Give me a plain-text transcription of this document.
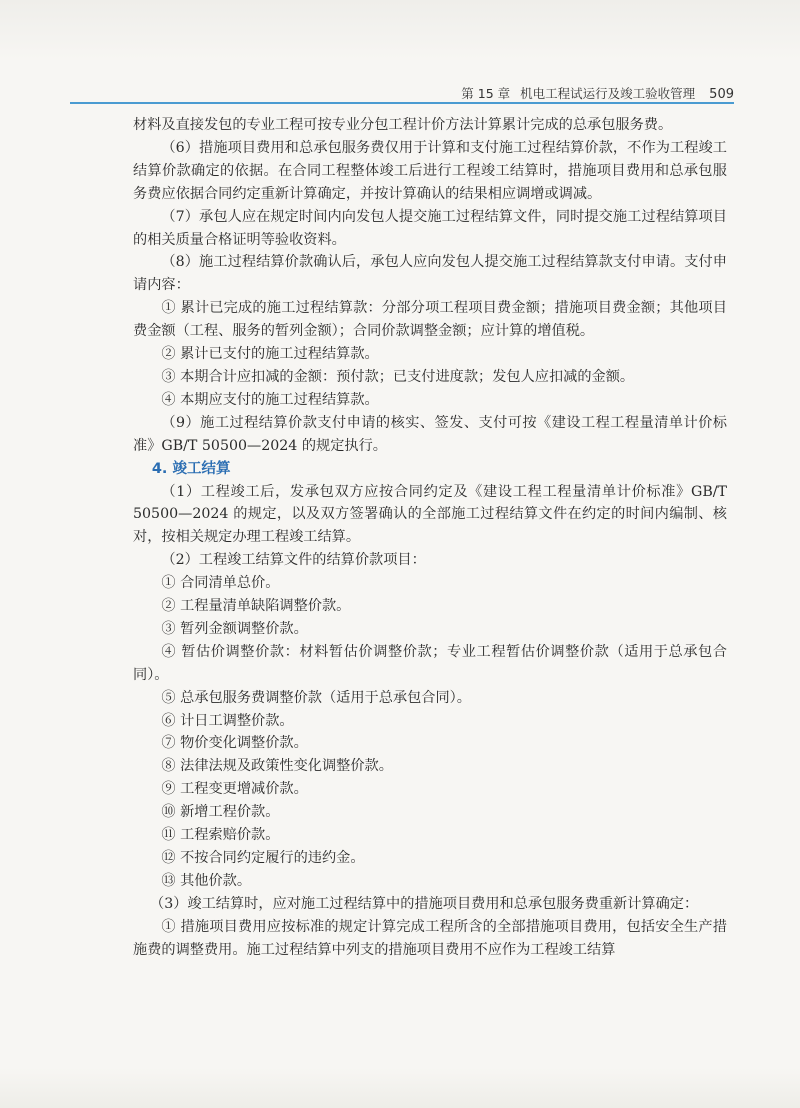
第 15 章 机电工程试运行及竣工验收管理 509

材料及直接发包的专业工程可按专业分包工程计价方法计算累计完成的总承包服务费。

（6）措施项目费用和总承包服务费仅用于计算和支付施工过程结算价款，不作为工程竣工结算价款确定的依据。在合同工程整体竣工后进行工程竣工结算时，措施项目费用和总承包服务费应依据合同约定重新计算确定，并按计算确认的结果相应调增或调减。

（7）承包人应在规定时间内向发包人提交施工过程结算文件，同时提交施工过程结算项目的相关质量合格证明等验收资料。

（8）施工过程结算价款确认后，承包人应向发包人提交施工过程结算款支付申请。支付申请内容：

① 累计已完成的施工过程结算款：分部分项工程项目费金额；措施项目费金额；其他项目费金额（工程、服务的暂列金额）；合同价款调整金额；应计算的增值税。

② 累计已支付的施工过程结算款。

③ 本期合计应扣减的金额：预付款；已支付进度款；发包人应扣减的金额。

④ 本期应支付的施工过程结算款。

（9）施工过程结算价款支付申请的核实、签发、支付可按《建设工程工程量清单计价标准》GB/T 50500—2024 的规定执行。

4. 竣工结算

（1）工程竣工后，发承包双方应按合同约定及《建设工程工程量清单计价标准》GB/T 50500—2024 的规定，以及双方签署确认的全部施工过程结算文件在约定的时间内编制、核对，按相关规定办理工程竣工结算。

（2）工程竣工结算文件的结算价款项目：

① 合同清单总价。

② 工程量清单缺陷调整价款。

③ 暂列金额调整价款。

④ 暂估价调整价款：材料暂估价调整价款；专业工程暂估价调整价款（适用于总承包合同）。

⑤ 总承包服务费调整价款（适用于总承包合同）。

⑥ 计日工调整价款。

⑦ 物价变化调整价款。

⑧ 法律法规及政策性变化调整价款。

⑨ 工程变更增减价款。

⑩ 新增工程价款。

⑪ 工程索赔价款。

⑫ 不按合同约定履行的违约金。

⑬ 其他价款。

（3）竣工结算时，应对施工过程结算中的措施项目费用和总承包服务费重新计算确定：

① 措施项目费用应按标准的规定计算完成工程所含的全部措施项目费用，包括安全生产措施费的调整费用。施工过程结算中列支的措施项目费用不应作为工程竣工结算
